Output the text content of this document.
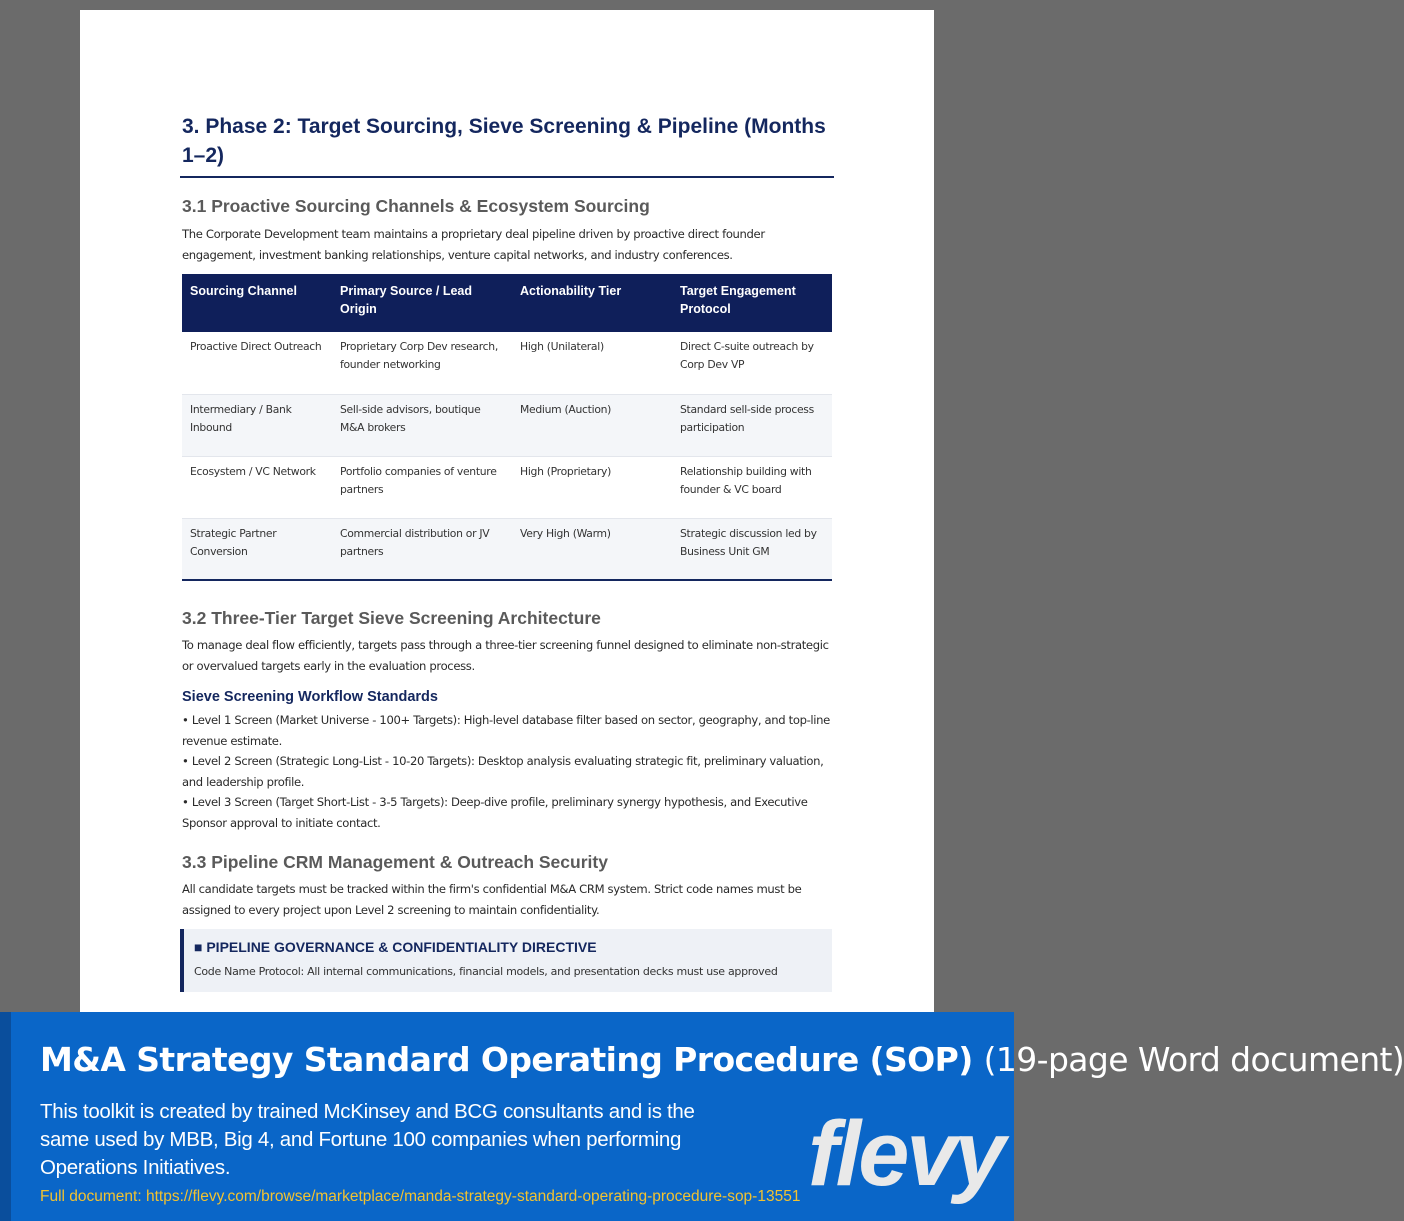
3. Phase 2: Target Sourcing, Sieve Screening & Pipeline (Months 1–2)
3.1 Proactive Sourcing Channels & Ecosystem Sourcing
The Corporate Development team maintains a proprietary deal pipeline driven by proactive direct founder engagement, investment banking relationships, venture capital networks, and industry conferences.
Sourcing Channel	Primary Source / Lead Origin	Actionability Tier	Target Engagement Protocol
Proactive Direct Outreach	Proprietary Corp Dev research, founder networking	High (Unilateral)	Direct C-suite outreach by Corp Dev VP
Intermediary / Bank Inbound	Sell-side advisors, boutique M&A brokers	Medium (Auction)	Standard sell-side process participation
Ecosystem / VC Network	Portfolio companies of venture partners	High (Proprietary)	Relationship building with founder & VC board
Strategic Partner Conversion	Commercial distribution or JV partners	Very High (Warm)	Strategic discussion led by Business Unit GM
3.2 Three-Tier Target Sieve Screening Architecture
To manage deal flow efficiently, targets pass through a three-tier screening funnel designed to eliminate non-strategic or overvalued targets early in the evaluation process.
Sieve Screening Workflow Standards
• Level 1 Screen (Market Universe - 100+ Targets): High-level database filter based on sector, geography, and top-line revenue estimate.
• Level 2 Screen (Strategic Long-List - 10-20 Targets): Desktop analysis evaluating strategic fit, preliminary valuation, and leadership profile.
• Level 3 Screen (Target Short-List - 3-5 Targets): Deep-dive profile, preliminary synergy hypothesis, and Executive Sponsor approval to initiate contact.
3.3 Pipeline CRM Management & Outreach Security
All candidate targets must be tracked within the firm's confidential M&A CRM system. Strict code names must be assigned to every project upon Level 2 screening to maintain confidentiality.
■ PIPELINE GOVERNANCE & CONFIDENTIALITY DIRECTIVE
Code Name Protocol: All internal communications, financial models, and presentation decks must use approved
M&A Strategy Standard Operating Procedure (SOP) (19-page Word document)
This toolkit is created by trained McKinsey and BCG consultants and is the same used by MBB, Big 4, and Fortune 100 companies when performing Operations Initiatives.
Full document: https://flevy.com/browse/marketplace/manda-strategy-standard-operating-procedure-sop-13551 flevy
